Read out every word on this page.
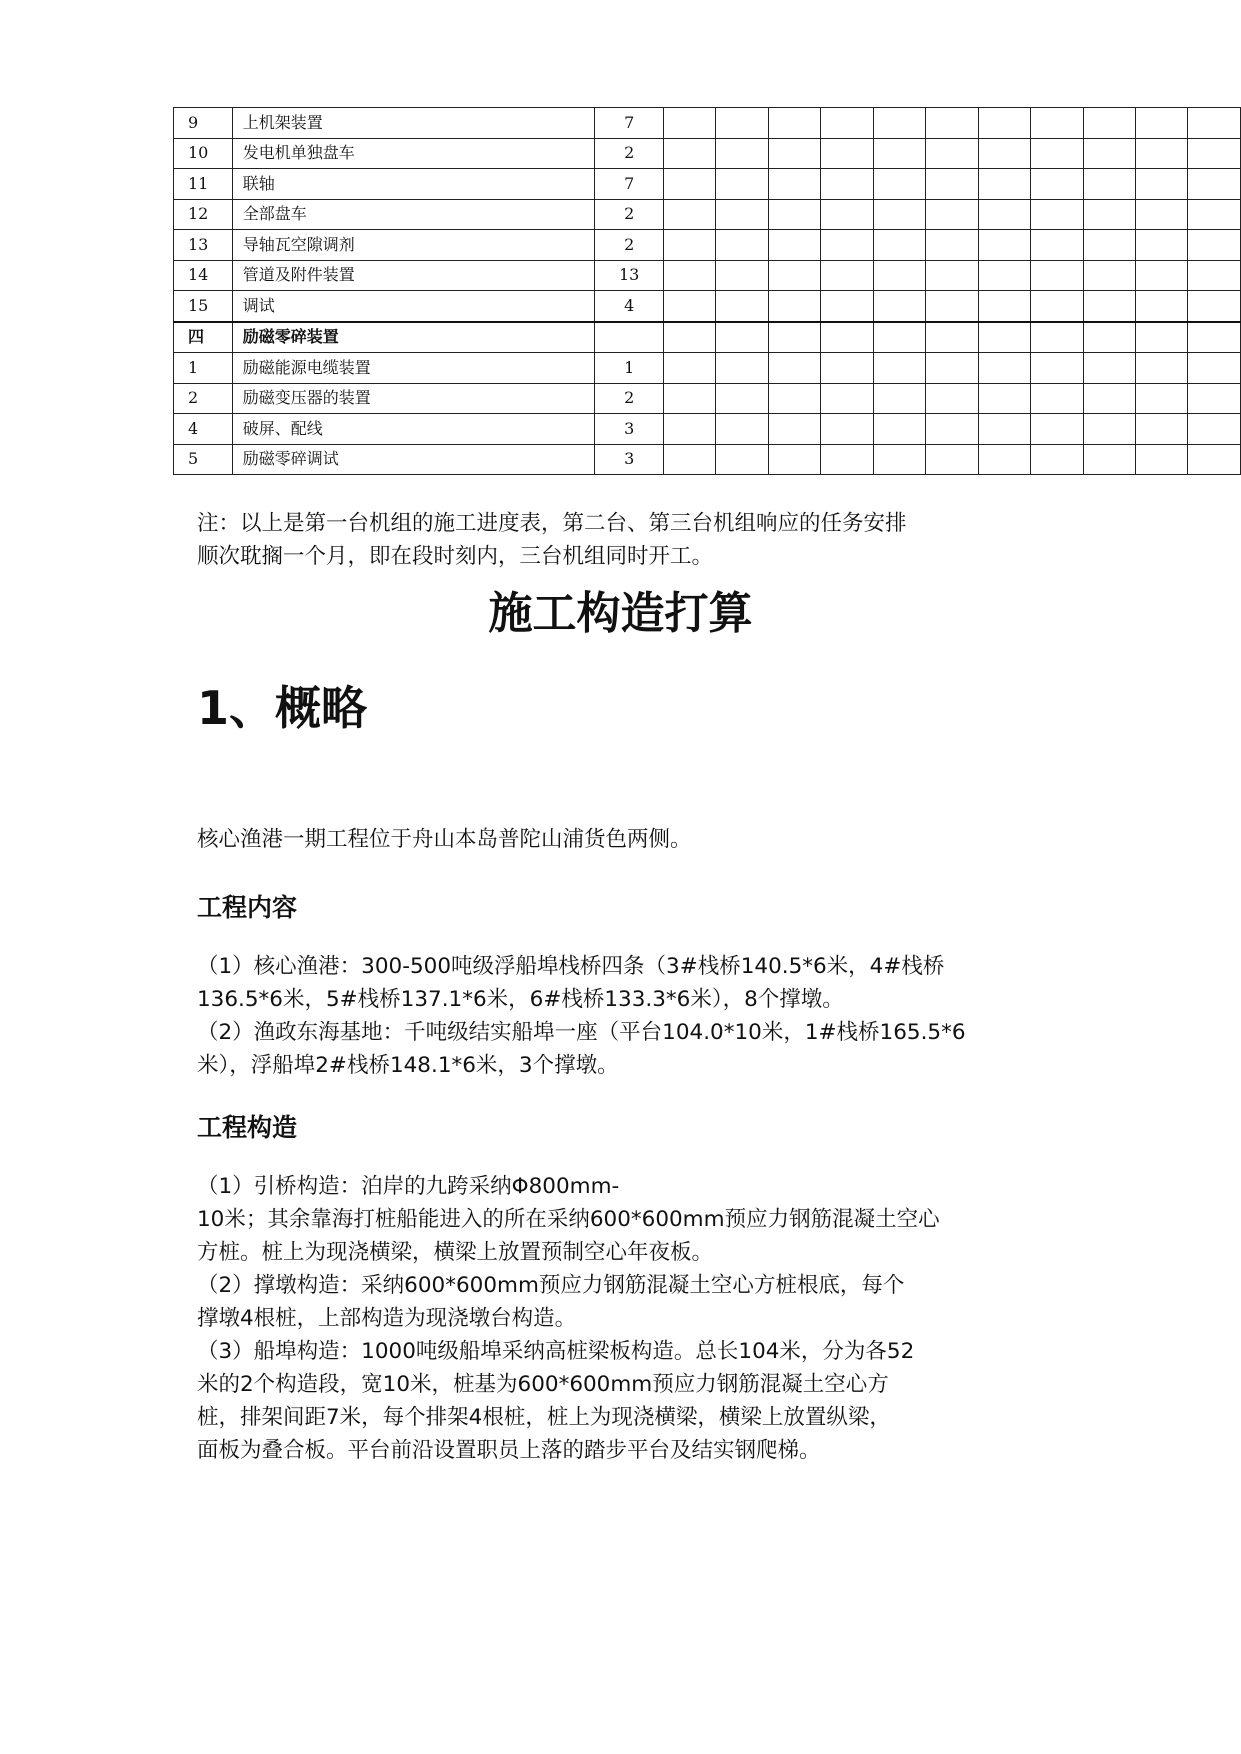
9	上机架装置	7											
10	发电机单独盘车	2											
11	联轴	7											
12	全部盘车	2											
13	导轴瓦空隙调剂	2											
14	管道及附件装置	13											
15	调试	4											
四	励磁零碎装置												
1	励磁能源电缆装置	1											
2	励磁变压器的装置	2											
4	破屏、配线	3											
5	励磁零碎调试	3											
注：以上是第一台机组的施工进度表，第二台、第三台机组响应的任务安排
顺次耽搁一个月，即在段时刻内，三台机组同时开工。
施工构造打算
1、概略

核心渔港一期工程位于舟山本岛普陀山浦货色两侧。

工程内容

（1）核心渔港：300-500吨级浮船埠栈桥四条（3#栈桥140.5*6米，4#栈桥

136.5*6米，5#栈桥137.1*6米，6#栈桥133.3*6米），8个撑墩。

（2）渔政东海基地：千吨级结实船埠一座（平台104.0*10米，1#栈桥165.5*6

米），浮船埠2#栈桥148.1*6米，3个撑墩。

工程构造

（1）引桥构造：泊岸的九跨采纳Φ800mm-

10米；其余靠海打桩船能进入的所在采纳600*600mm预应力钢筋混凝土空心

方桩。桩上为现浇横梁，横梁上放置预制空心年夜板。

（2）撑墩构造：采纳600*600mm预应力钢筋混凝土空心方桩根底，每个

撑墩4根桩，上部构造为现浇墩台构造。

（3）船埠构造：1000吨级船埠采纳高桩梁板构造。总长104米，分为各52

米的2个构造段，宽10米，桩基为600*600mm预应力钢筋混凝土空心方

桩，排架间距7米，每个排架4根桩，桩上为现浇横梁，横梁上放置纵梁，

面板为叠合板。平台前沿设置职员上落的踏步平台及结实钢爬梯。
